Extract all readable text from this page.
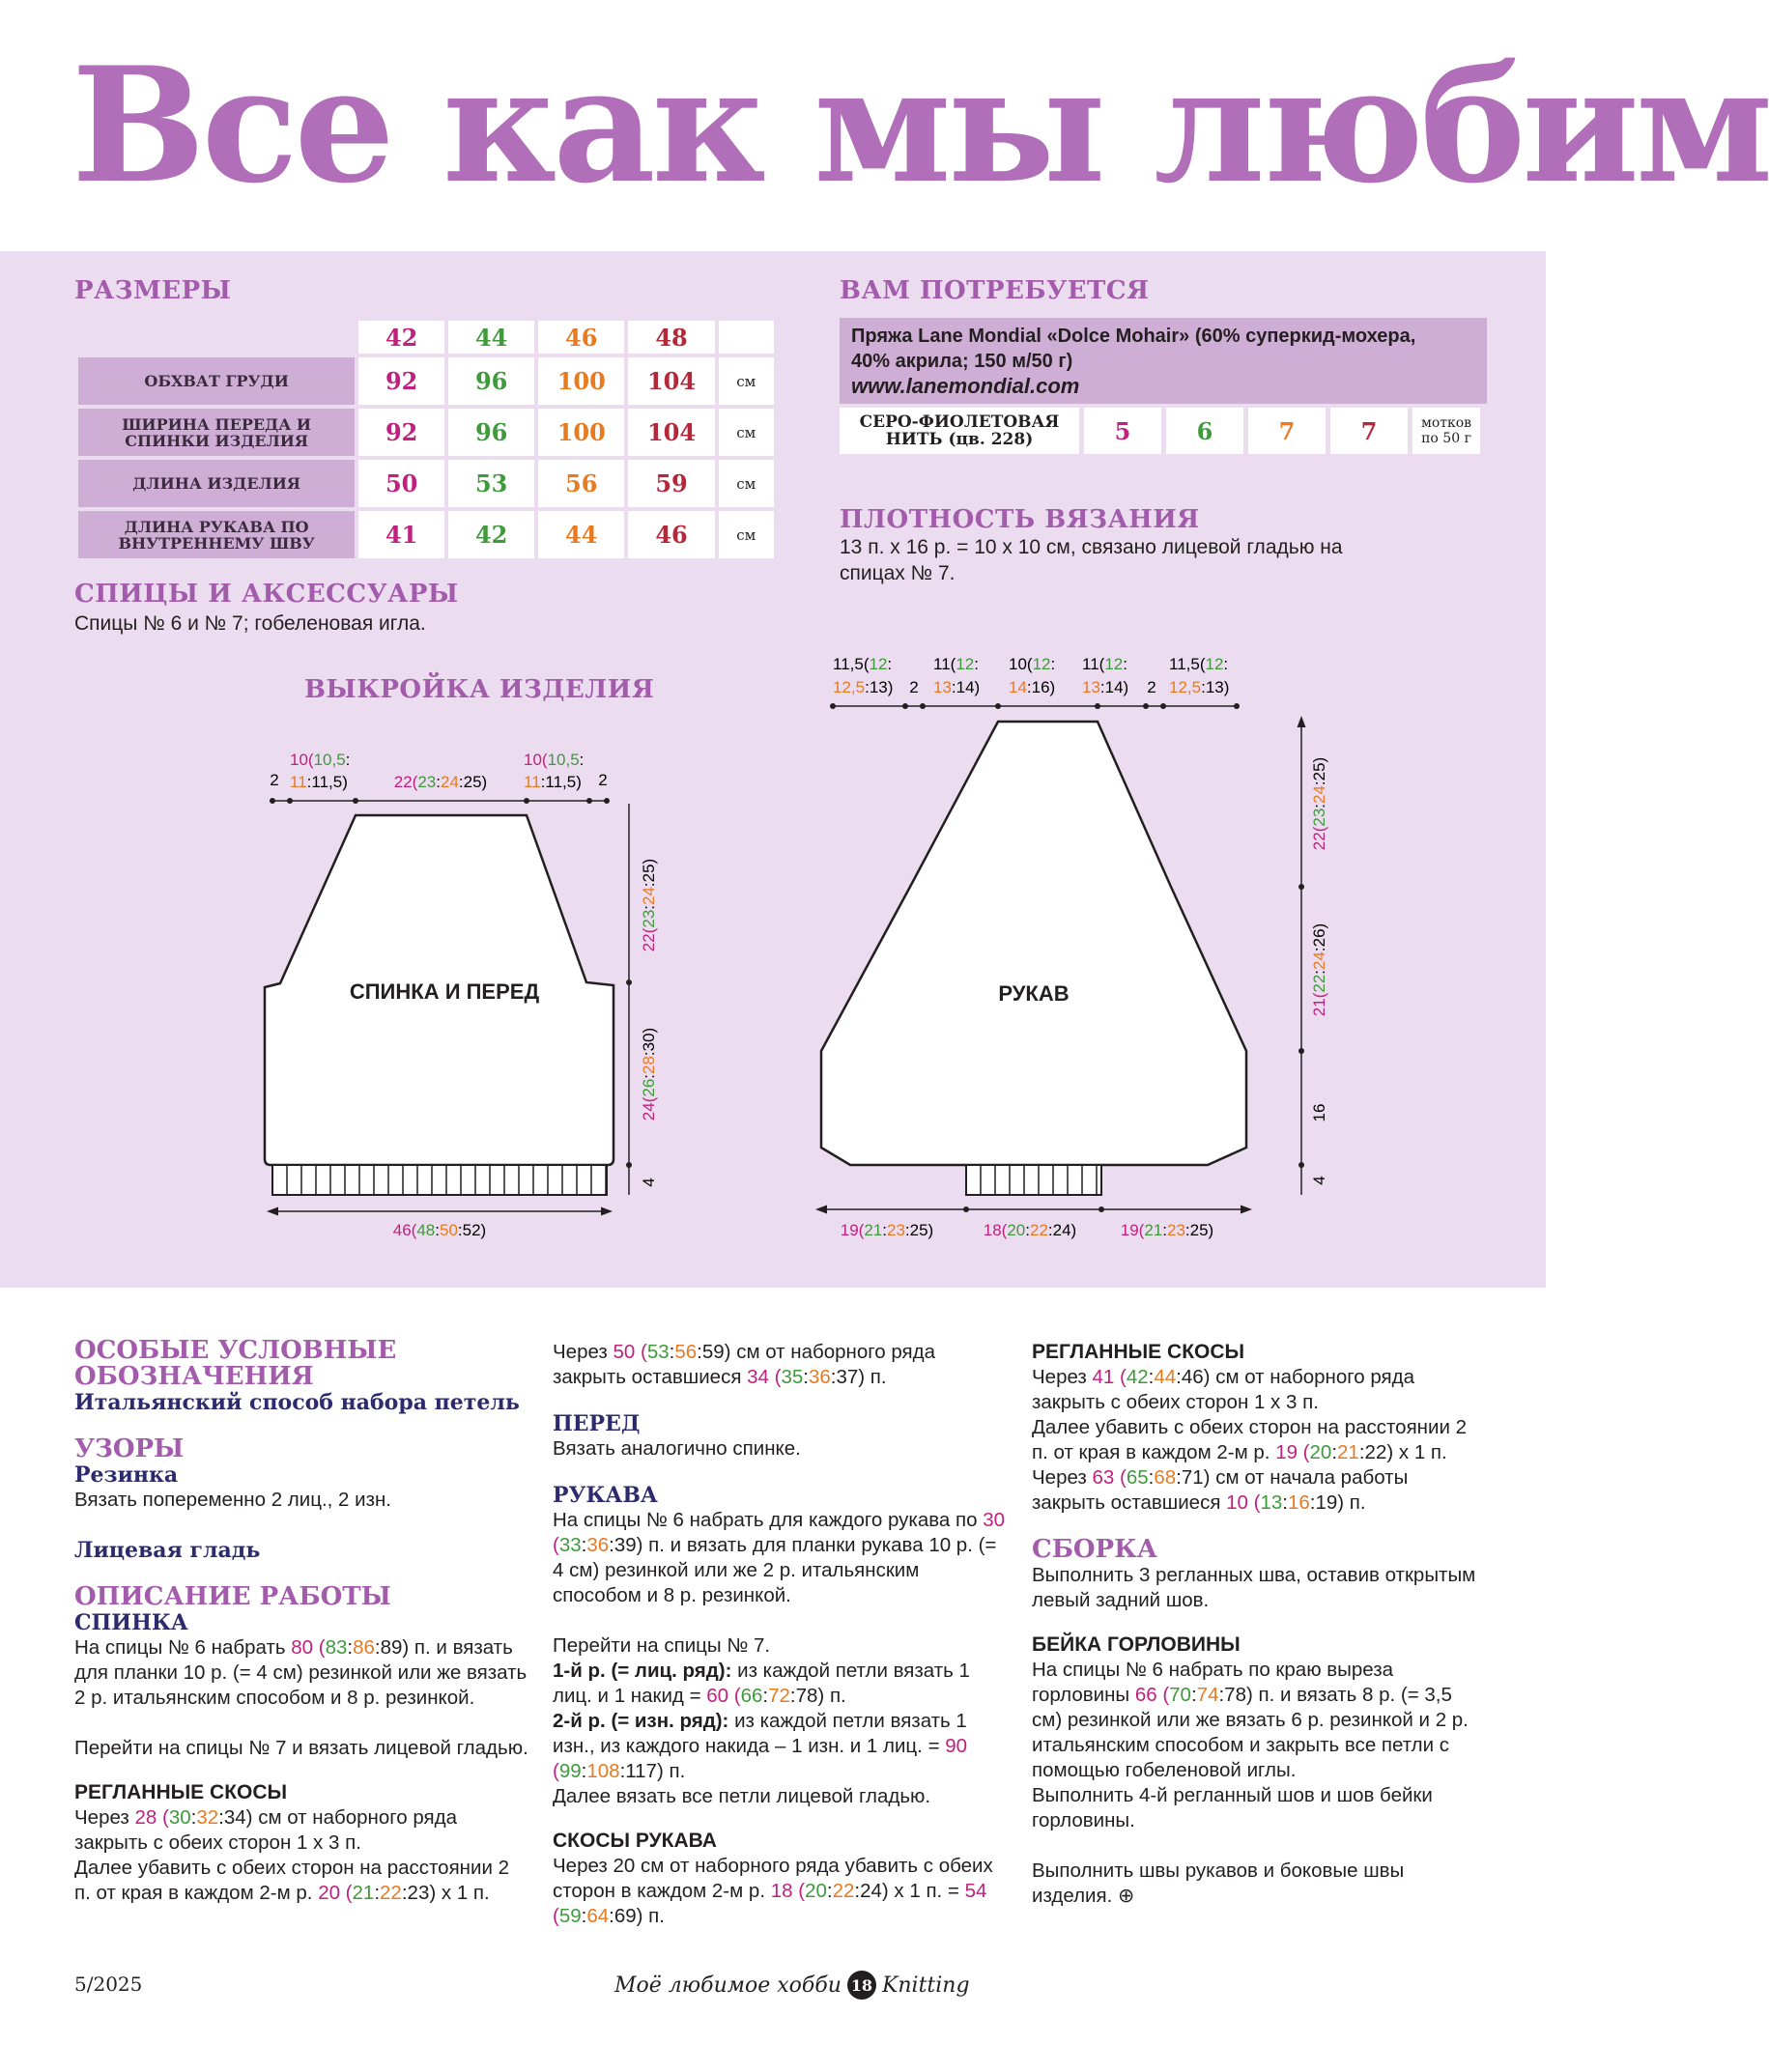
Все как мы любим
РАЗМЕРЫ
	42	44	46	48	
ОБХВАТ ГРУДИ	92	96	100	104	см
ШИРИНА ПЕРЕДА И СПИНКИ ИЗДЕЛИЯ	92	96	100	104	см
ДЛИНА ИЗДЕЛИЯ	50	53	56	59	см
ДЛИНА РУКАВА ПО ВНУТРЕННЕМУ ШВУ	41	42	44	46	см
ВАМ ПОТРЕБУЕТСЯ
Пряжа Lane Mondial «Dolce Mohair» (60% суперкид-мохера,
40% акрила; 150 м/50 г)
www.lanemondial.com
СЕРО-ФИОЛЕТОВАЯ НИТЬ (цв. 228)	5	6	7	7	мотков по 50 г
ПЛОТНОСТЬ ВЯЗАНИЯ
13 п. х 16 р. = 10 х 10 см, связано лицевой гладью на спицах № 7.
СПИЦЫ И АКСЕССУАРЫ
Спицы № 6 и № 7; гобеленовая игла.
ВЫКРОЙКА ИЗДЕЛИЯ
СПИНКА И ПЕРЕД
2
10(10,5:
11:11,5)	22(23:24:25)
10(10,5:
11:11,5) 2
22(23:24:25)
24(26:28:30)
4
46(48:50:52)
РУКАВ
11,5(12:
12,5:13) 2
11(12:
13:14)
10(12:
14:16)
11(12:
13:14) 2
11,5(12:
12,5:13)
22(23:24:25)
21(22:24:26)
16
4
19(21:23:25)	18(20:22:24)	19(21:23:25)
ОСОБЫЕ УСЛОВНЫЕ ОБОЗНАЧЕНИЯ
Итальянский способ набора петель
УЗОРЫ
Резинка
Вязать попеременно 2 лиц., 2 изн.
Лицевая гладь
ОПИСАНИЕ РАБОТЫ
СПИНКА
На спицы № 6 набрать 80 (83:86:89) п. и вязать для планки 10 р. (= 4 см) резинкой или же вязать 2 р. итальянским способом и 8 р. резинкой.
Перейти на спицы № 7 и вязать лицевой гладью.
РЕГЛАННЫЕ СКОСЫ
Через 28 (30:32:34) см от наборного ряда закрыть с обеих сторон 1 х 3 п.
Далее убавить с обеих сторон на расстоянии 2 п. от края в каждом 2-м р. 20 (21:22:23) х 1 п.
Через 50 (53:56:59) см от наборного ряда закрыть оставшиеся 34 (35:36:37) п.
ПЕРЕД
Вязать аналогично спинке.
РУКАВА
На спицы № 6 набрать для каждого рукава по 30 (33:36:39) п. и вязать для планки рукава 10 р. (= 4 см) резинкой или же 2 р. итальянским способом и 8 р. резинкой.
Перейти на спицы № 7.
1-й р. (= лиц. ряд): из каждой петли вязать 1 лиц. и 1 накид = 60 (66:72:78) п.
2-й р. (= изн. ряд): из каждой петли вязать 1 изн., из каждого накида – 1 изн. и 1 лиц. = 90 (99:108:117) п.
Далее вязать все петли лицевой гладью.
СКОСЫ РУКАВА
Через 20 см от наборного ряда убавить с обеих сторон в каждом 2-м р. 18 (20:22:24) х 1 п. = 54 (59:64:69) п.
РЕГЛАННЫЕ СКОСЫ
Через 41 (42:44:46) см от наборного ряда закрыть с обеих сторон 1 х 3 п.
Далее убавить с обеих сторон на расстоянии 2 п. от края в каждом 2-м р. 19 (20:21:22) х 1 п.
Через 63 (65:68:71) см от начала работы закрыть оставшиеся 10 (13:16:19) п.
СБОРКА
Выполнить 3 регланных шва, оставив открытым левый задний шов.
БЕЙКА ГОРЛОВИНЫ
На спицы № 6 набрать по краю выреза горловины 66 (70:74:78) п. и вязать 8 р. (= 3,5 см) резинкой или же вязать 6 р. резинкой и 2 р. итальянским способом и закрыть все петли с помощью гобеленовой иглы.
Выполнить 4-й регланный шов и шов бейки горловины.
Выполнить швы рукавов и боковые швы изделия. ⊕
5/2025	Моё любимое хобби 18 Knitting
